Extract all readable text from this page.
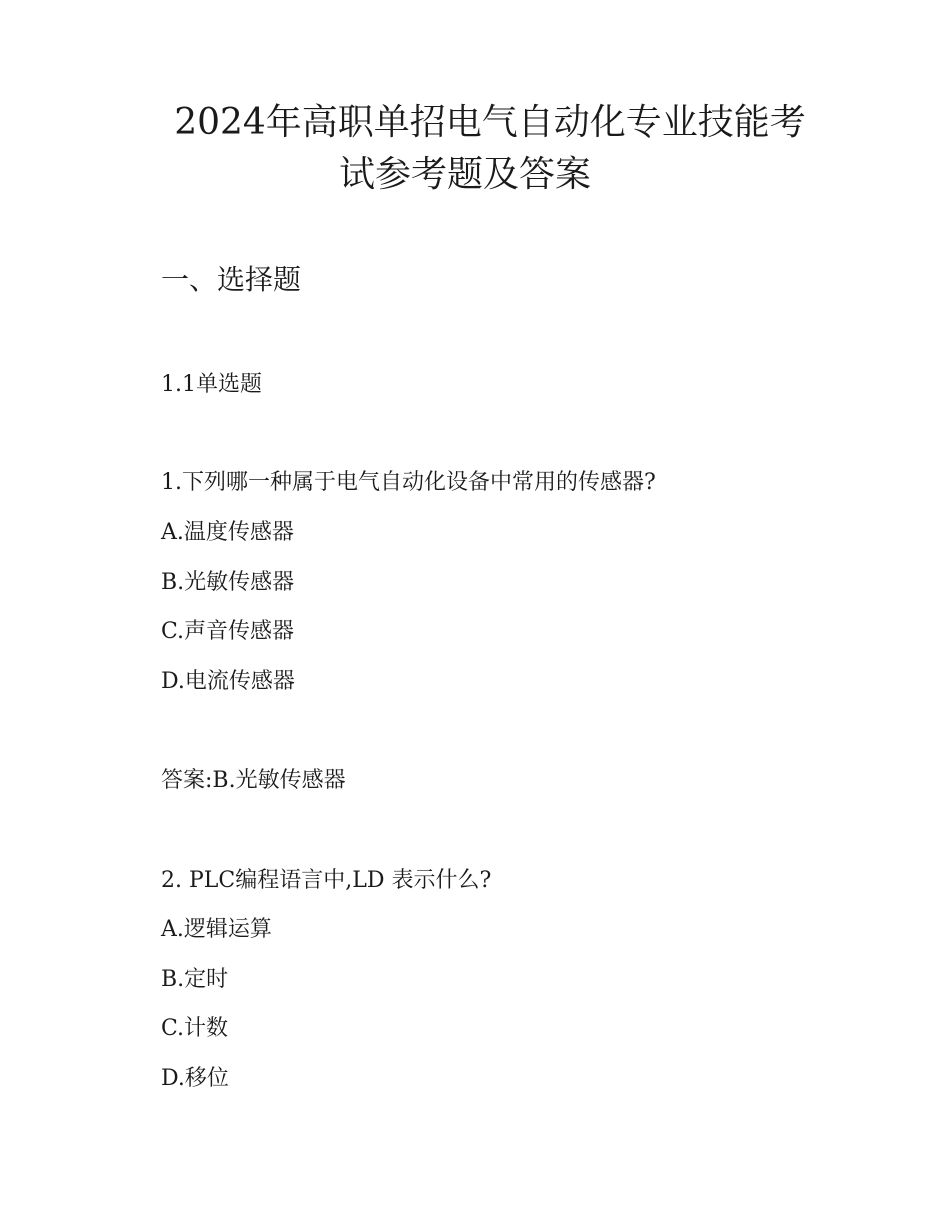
2024年高职单招电气自动化专业技能考
试参考题及答案
一、选择题
1.1单选题
1.下列哪一种属于电气自动化设备中常用的传感器?
A.温度传感器
B.光敏传感器
C.声音传感器
D.电流传感器
答案:B.光敏传感器
2. PLC编程语言中,LD 表示什么?
A.逻辑运算
B.定时
C.计数
D.移位
